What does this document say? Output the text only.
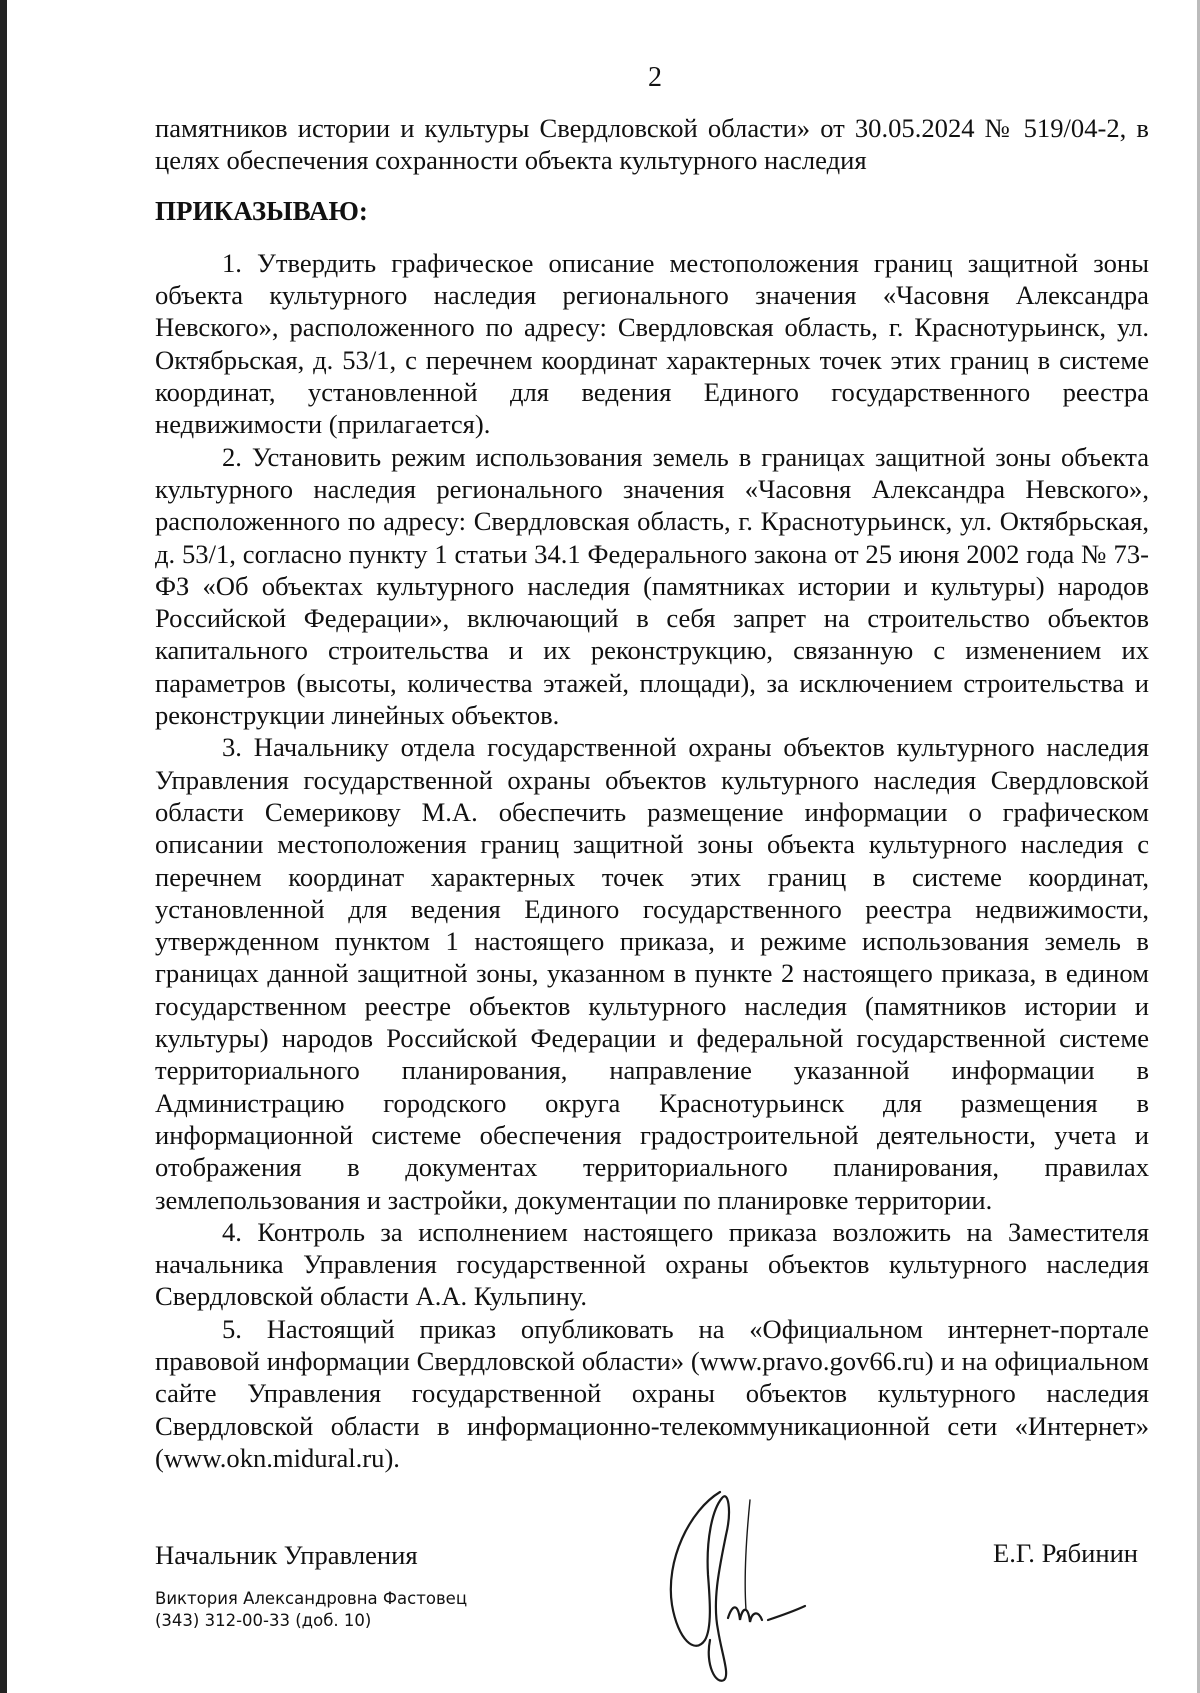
2

памятников истории и культуры Свердловской области» от 30.05.2024 № 519/04-2, в целях обеспечения сохранности объекта культурного наследия

ПРИКАЗЫВАЮ:

1. Утвердить графическое описание местоположения границ защитной зоны объекта культурного наследия регионального значения «Часовня Александра Невского», расположенного по адресу: Свердловская область, г. Краснотурьинск, ул. Октябрьская, д. 53/1, с перечнем координат характерных точек этих границ в системе координат, установленной для ведения Единого государственного реестра недвижимости (прилагается).

2. Установить режим использования земель в границах защитной зоны объекта культурного наследия регионального значения «Часовня Александра Невского», расположенного по адресу: Свердловская область, г. Краснотурьинск, ул. Октябрьская, д. 53/1, согласно пункту 1 статьи 34.1 Федерального закона от 25 июня 2002 года № 73-ФЗ «Об объектах культурного наследия (памятниках истории и культуры) народов Российской Федерации», включающий в себя запрет на строительство объектов капитального строительства и их реконструкцию, связанную с изменением их параметров (высоты, количества этажей, площади), за исключением строительства и реконструкции линейных объектов.

3. Начальнику отдела государственной охраны объектов культурного наследия Управления государственной охраны объектов культурного наследия Свердловской области Семерикову М.А. обеспечить размещение информации о графическом описании местоположения границ защитной зоны объекта культурного наследия с перечнем координат характерных точек этих границ в системе координат, установленной для ведения Единого государственного реестра недвижимости, утвержденном пунктом 1 настоящего приказа, и режиме использования земель в границах данной защитной зоны, указанном в пункте 2 настоящего приказа, в едином государственном реестре объектов культурного наследия (памятников истории и культуры) народов Российской Федерации и федеральной государственной системе территориального планирования, направление указанной информации в Администрацию городского округа Краснотурьинск для размещения в информационной системе обеспечения градостроительной деятельности, учета и отображения в документах территориального планирования, правилах землепользования и застройки, документации по планировке территории.

4. Контроль за исполнением настоящего приказа возложить на Заместителя начальника Управления государственной охраны объектов культурного наследия Свердловской области А.А. Кульпину.

5. Настоящий приказ опубликовать на «Официальном интернет-портале правовой информации Свердловской области» (www.pravo.gov66.ru) и на официальном сайте Управления государственной охраны объектов культурного наследия Свердловской области в информационно-телекоммуникационной сети «Интернет» (www.okn.midural.ru).

Начальник Управления	Е.Г. Рябинин
Виктория Александровна Фастовец
(343) 312-00-33 (доб. 10)
